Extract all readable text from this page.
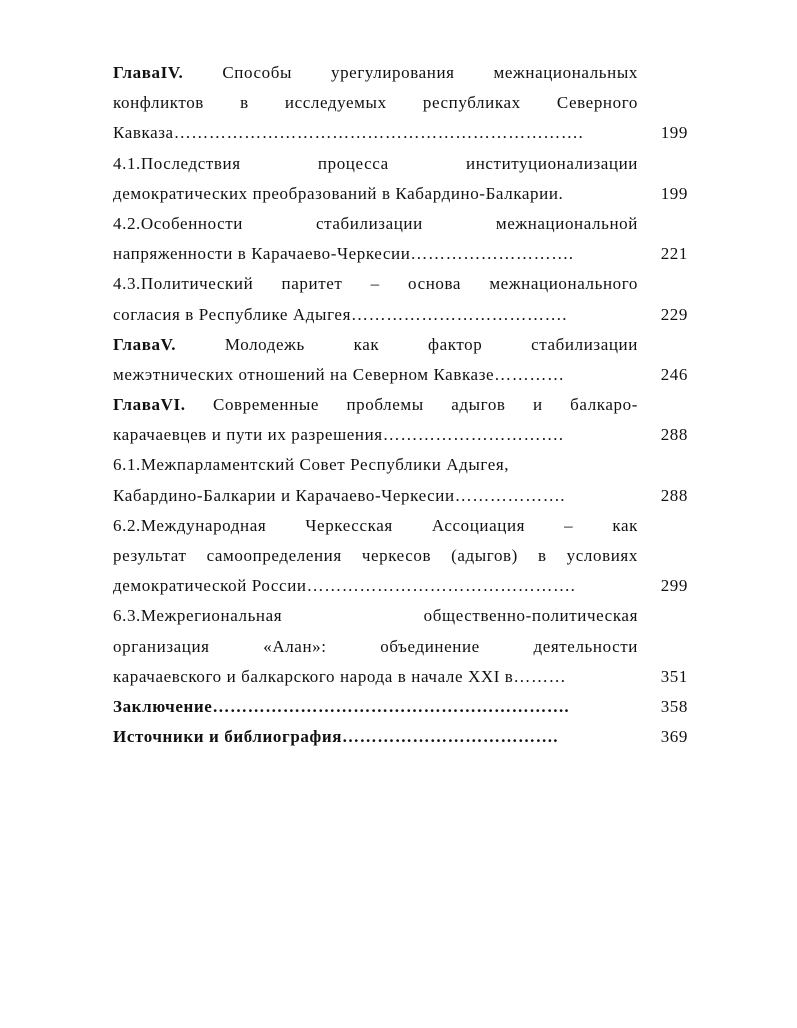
ГлаваIV. Способы урегулирования межнациональных
конфликтов в исследуемых республиках Северного
Кавказа…………………………………………………………….	199
4.1.Последствия	процесса	институционализации
демократических преобразований в Кабардино-Балкарии.	199
4.2.Особенности	стабилизации	межнациональной
напряженности в Карачаево-Черкесии……………………….	221
4.3.Политический паритет – основа межнационального
согласия в Республике Адыгея……………………………….	229
ГлаваV.	Молодежь	как	фактор	стабилизации
межэтнических отношений на Северном Кавказе…………	246
ГлаваVI. Современные проблемы адыгов и балкаро-
карачаевцев и пути их разрешения………………………….	288
6.1.Межпарламентский Совет Республики Адыгея,
Кабардино-Балкарии и Карачаево-Черкесии……………….	288
6.2.Международная Черкесская Ассоциация – как
результат самоопределения черкесов (адыгов) в условиях
демократической России……………………………………….	299
6.3.Межрегиональная	общественно-политическая
организация	«Алан»:	объединение	деятельности
карачаевского и балкарского народа в начале XXI в………	351
Заключение…………………………………………………….	358
Источники и библиография……………………………….	369
